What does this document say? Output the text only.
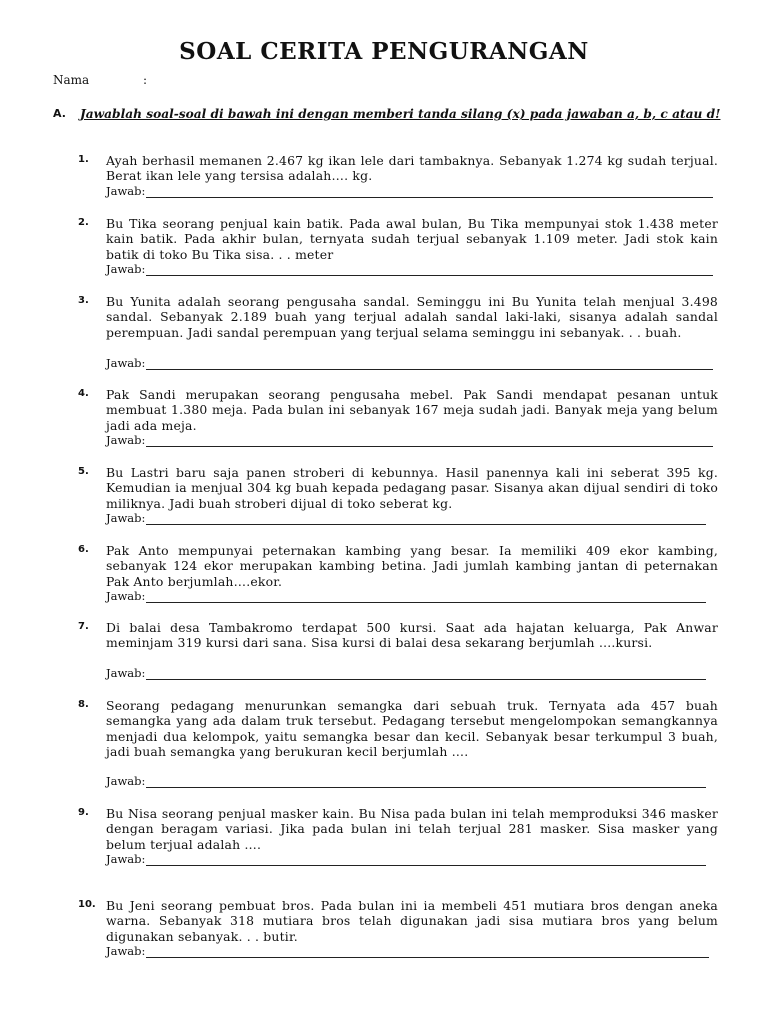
SOAL CERITA PENGURANGAN
Nama	:
A. Jawablah soal-soal di bawah ini dengan memberi tanda silang (x) pada jawaban a, b, c atau d!
1. Ayah berhasil memanen 2.467 kg ikan lele dari tambaknya. Sebanyak 1.274 kg sudah terjual. Berat ikan lele yang tersisa adalah…. kg.
Jawab:
2. Bu Tika seorang penjual kain batik. Pada awal bulan, Bu Tika mempunyai stok 1.438 meter kain batik. Pada akhir bulan, ternyata sudah terjual sebanyak 1.109 meter. Jadi stok kain batik di toko Bu Tika sisa. . . meter
Jawab:
3. Bu Yunita adalah seorang pengusaha sandal. Seminggu ini Bu Yunita telah menjual 3.498 sandal. Sebanyak 2.189 buah yang terjual adalah sandal laki-laki, sisanya adalah sandal perempuan. Jadi sandal perempuan yang terjual selama seminggu ini sebanyak. . . buah.
Jawab:
4. Pak Sandi merupakan seorang pengusaha mebel. Pak Sandi mendapat pesanan untuk membuat 1.380 meja. Pada bulan ini sebanyak 167 meja sudah jadi. Banyak meja yang belum jadi ada meja.
Jawab:
5. Bu Lastri baru saja panen stroberi di kebunnya. Hasil panennya kali ini seberat 395 kg. Kemudian ia menjual 304 kg buah kepada pedagang pasar. Sisanya akan dijual sendiri di toko miliknya. Jadi buah stroberi dijual di toko seberat kg.
Jawab:
6. Pak Anto mempunyai peternakan kambing yang besar. Ia memiliki 409 ekor kambing, sebanyak 124 ekor merupakan kambing betina. Jadi jumlah kambing jantan di peternakan Pak Anto berjumlah….ekor.
Jawab:
7. Di balai desa Tambakromo terdapat 500 kursi. Saat ada hajatan keluarga, Pak Anwar meminjam 319 kursi dari sana. Sisa kursi di balai desa sekarang berjumlah ….kursi.
Jawab:
8. Seorang pedagang menurunkan semangka dari sebuah truk. Ternyata ada 457 buah semangka yang ada dalam truk tersebut. Pedagang tersebut mengelompokan semangkannya menjadi dua kelompok, yaitu semangka besar dan kecil. Sebanyak besar terkumpul 3 buah, jadi buah semangka yang berukuran kecil berjumlah ….
Jawab:
9. Bu Nisa seorang penjual masker kain. Bu Nisa pada bulan ini telah memproduksi 346 masker dengan beragam variasi. Jika pada bulan ini telah terjual 281 masker. Sisa masker yang belum terjual adalah ….
Jawab:
10. Bu Jeni seorang pembuat bros. Pada bulan ini ia membeli 451 mutiara bros dengan aneka warna. Sebanyak 318 mutiara bros telah digunakan jadi sisa mutiara bros yang belum digunakan sebanyak. . . butir.
Jawab:
